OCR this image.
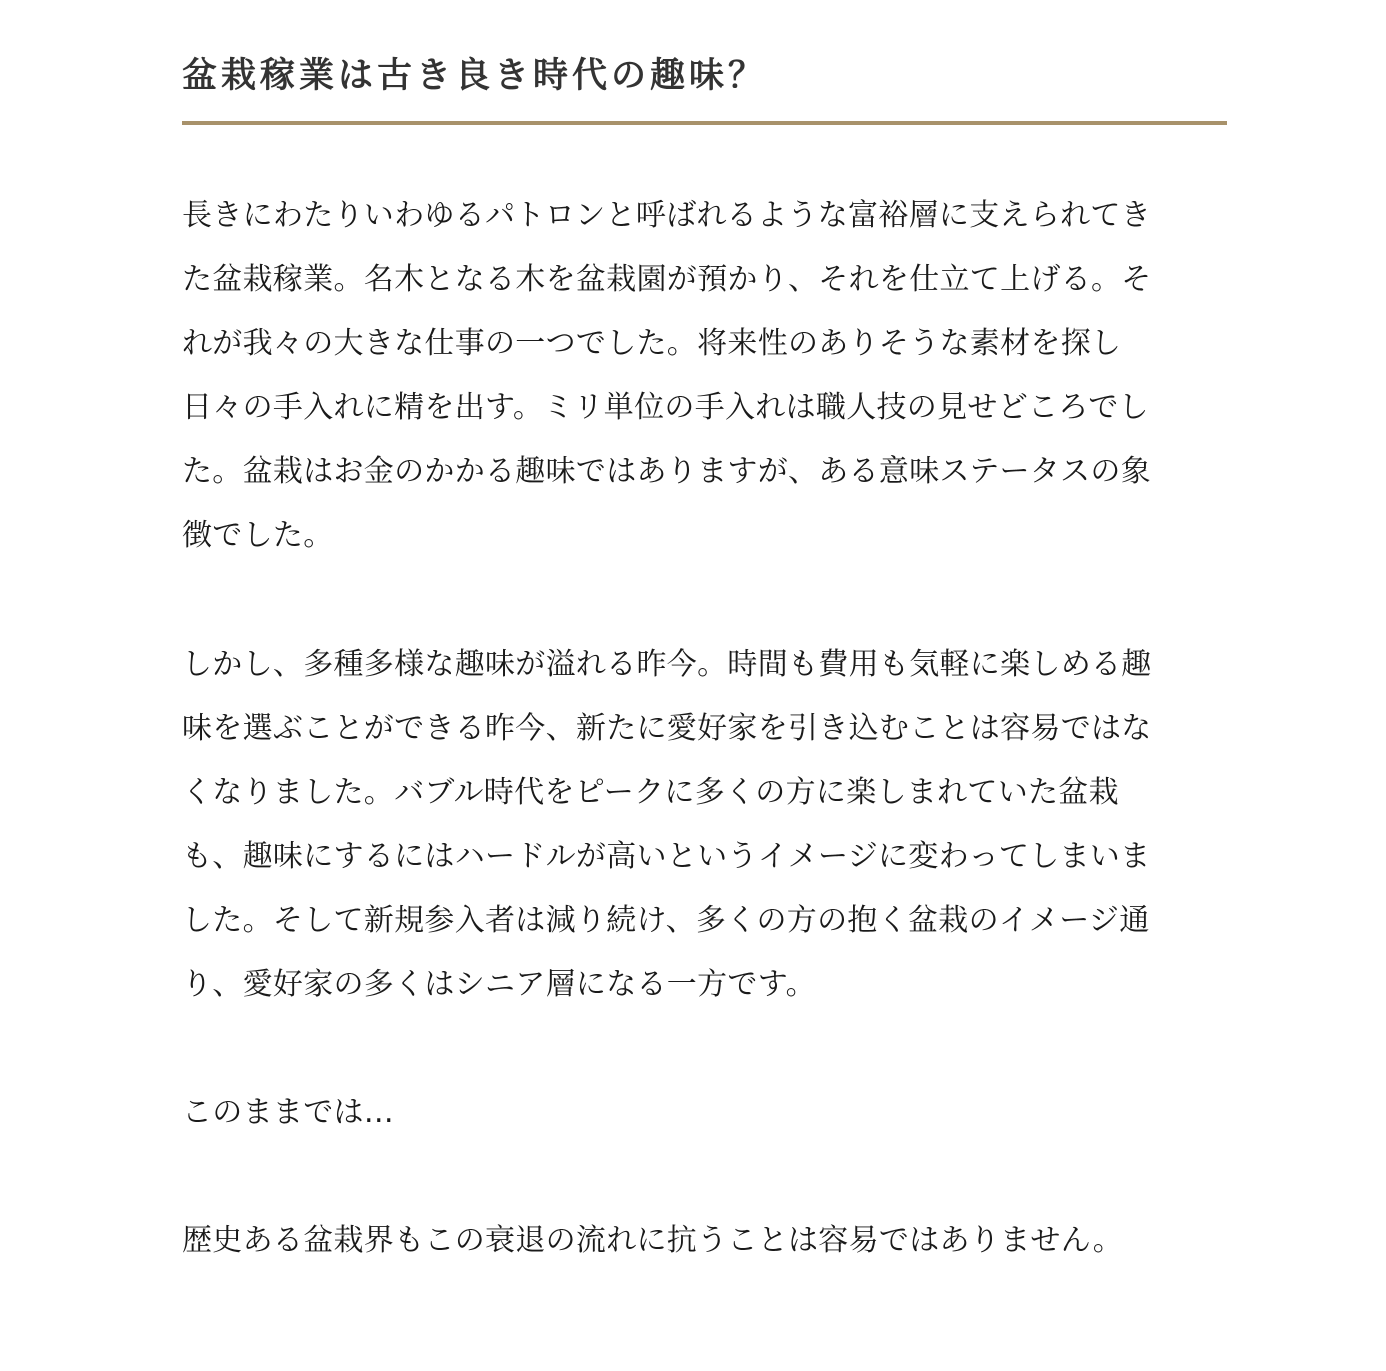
盆栽稼業は古き良き時代の趣味？

長きにわたりいわゆるパトロンと呼ばれるような富裕層に支えられてき
た盆栽稼業。名木となる木を盆栽園が預かり、それを仕立て上げる。そ
れが我々の大きな仕事の一つでした。将来性のありそうな素材を探し
日々の手入れに精を出す。ミリ単位の手入れは職人技の見せどころでし
た。盆栽はお金のかかる趣味ではありますが、ある意味ステータスの象
徴でした。

しかし、多種多様な趣味が溢れる昨今。時間も費用も気軽に楽しめる趣
味を選ぶことができる昨今、新たに愛好家を引き込むことは容易ではな
くなりました。バブル時代をピークに多くの方に楽しまれていた盆栽
も、趣味にするにはハードルが高いというイメージに変わってしまいま
した。そして新規参入者は減り続け、多くの方の抱く盆栽のイメージ通
り、愛好家の多くはシニア層になる一方です。

このままでは…

歴史ある盆栽界もこの衰退の流れに抗うことは容易ではありません。
